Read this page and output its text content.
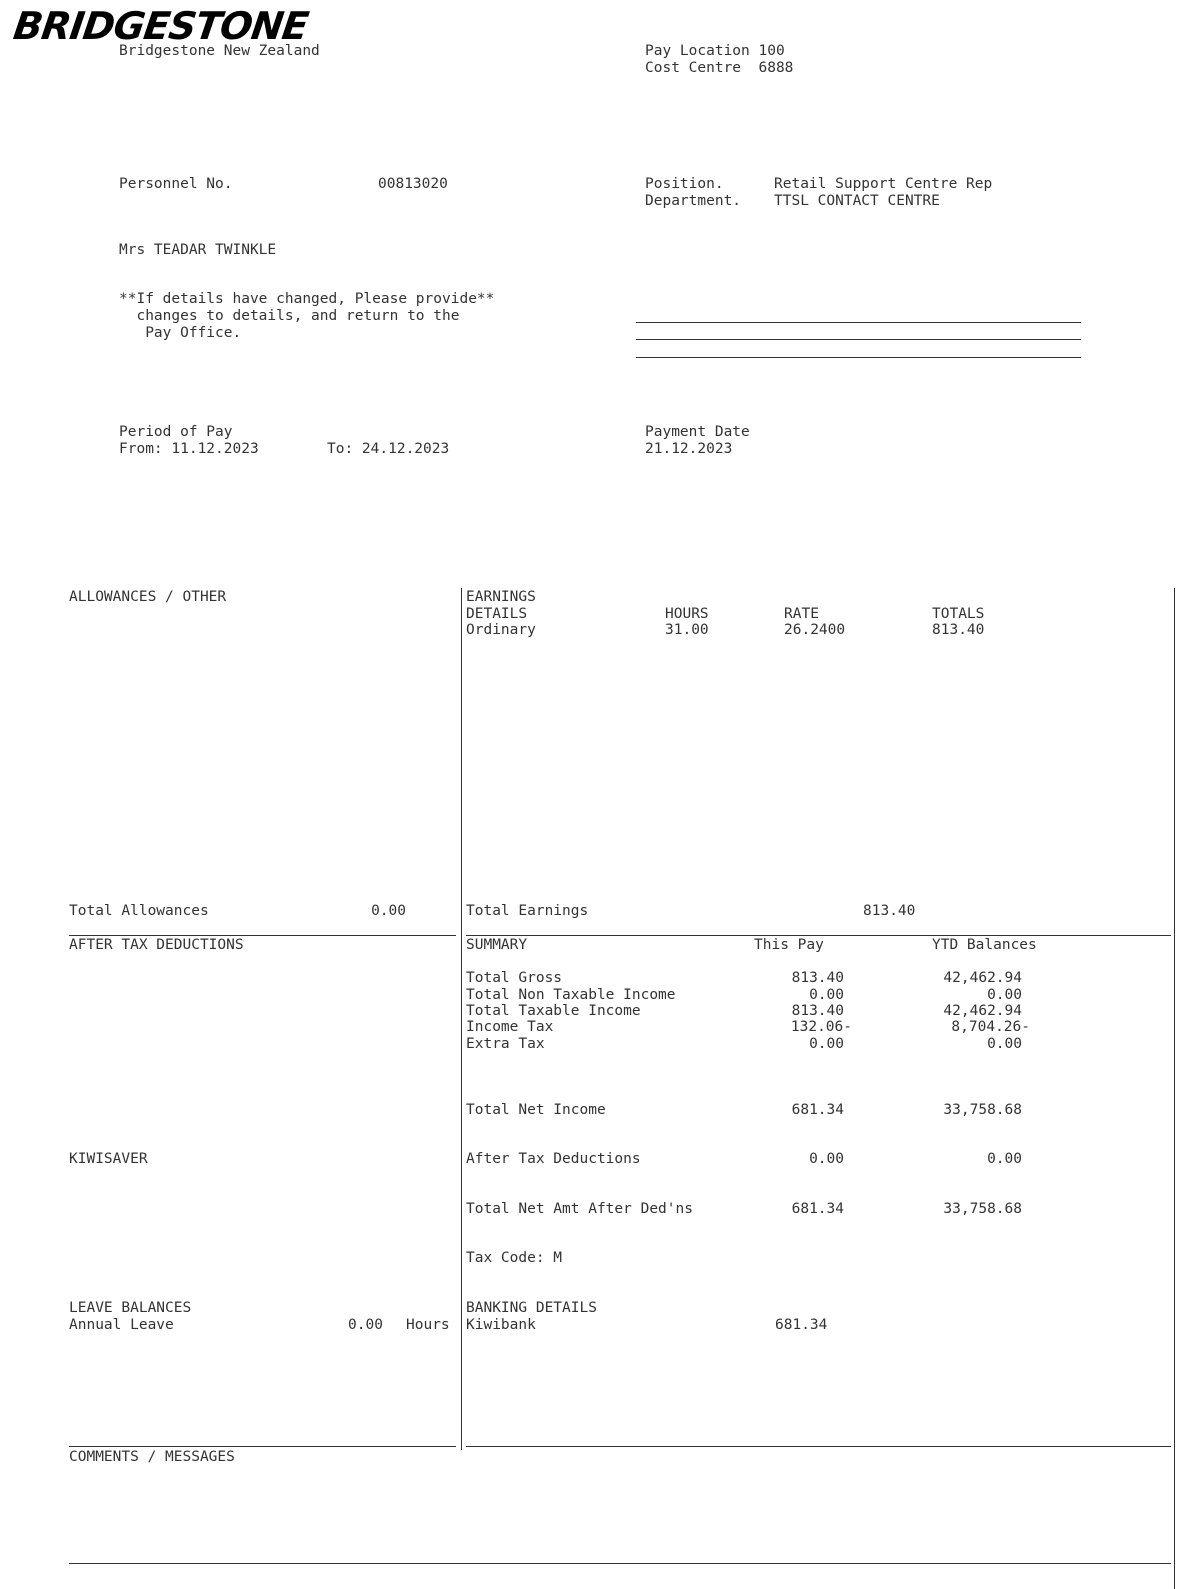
BRIDGESTONE
Bridgestone New Zealand	Pay Location 100
Cost Centre  6888
Personnel No.	00813020	Position.	Retail Support Centre Rep
Department. TTSL CONTACT CENTRE
Mrs TEADAR TWINKLE
**If details have changed, Please provide**
changes to details, and return to the
Pay Office.
Period of Pay
From: 11.12.2023	To: 24.12.2023
Payment Date
21.12.2023
ALLOWANCES / OTHER
Total Allowances	0.00
EARNINGS
DETAILS	HOURS	RATE	TOTALS
Ordinary	31.00	26.2400	813.40
Total Earnings	813.40
AFTER TAX DEDUCTIONS
KIWISAVER
SUMMARY	This Pay	YTD Balances
Total Gross	813.40	42,462.94
Total Non Taxable Income	0.00	0.00
Total Taxable Income	813.40	42,462.94
Income Tax	132.06-	8,704.26-
Extra Tax	0.00	0.00
Total Net Income	681.34	33,758.68
After Tax Deductions	0.00	0.00
Total Net Amt After Ded'ns	681.34	33,758.68
Tax Code: M
LEAVE BALANCES
Annual Leave	0.00 Hours
BANKING DETAILS
Kiwibank	681.34
COMMENTS / MESSAGES
